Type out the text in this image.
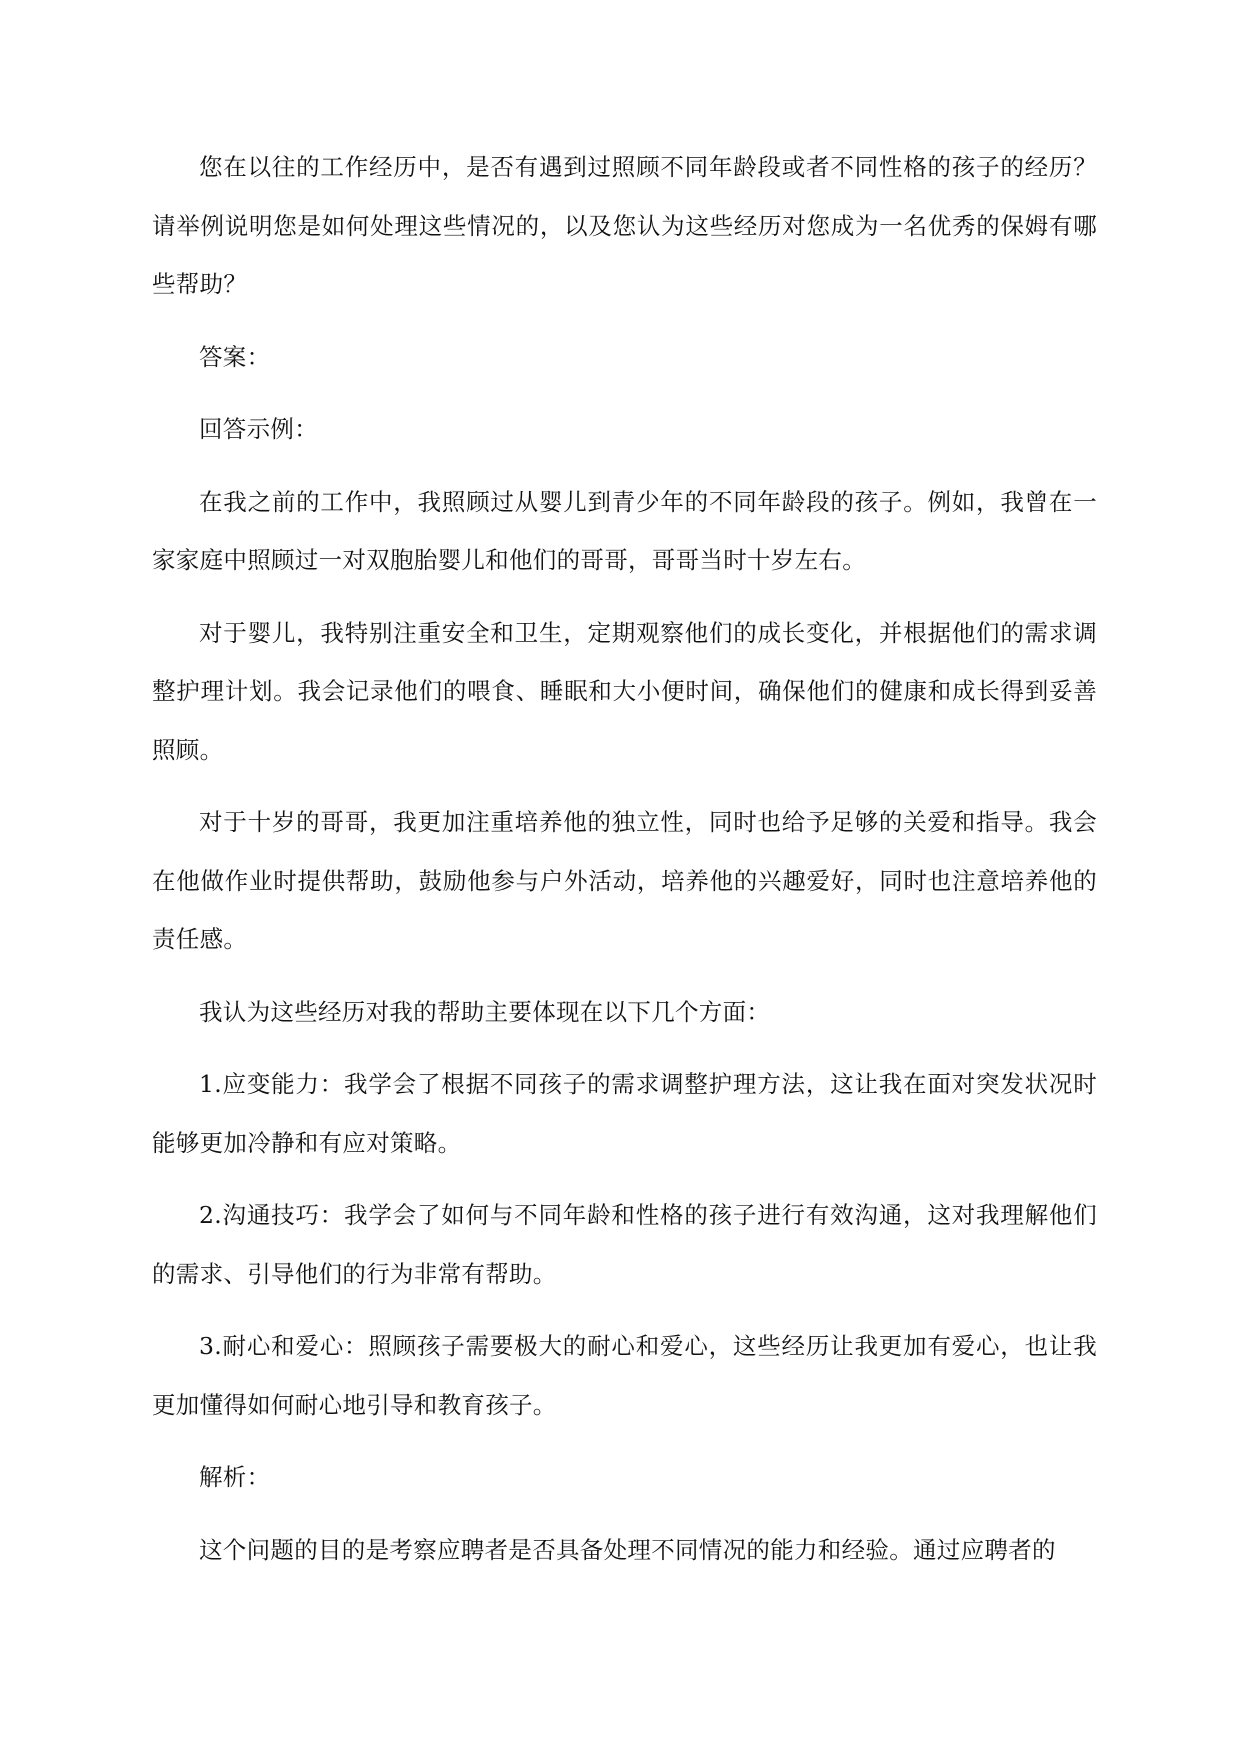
您在以往的工作经历中，是否有遇到过照顾不同年龄段或者不同性格的孩子的经历？请举例说明您是如何处理这些情况的，以及您认为这些经历对您成为一名优秀的保姆有哪些帮助？

答案：

回答示例：

在我之前的工作中，我照顾过从婴儿到青少年的不同年龄段的孩子。例如，我曾在一家家庭中照顾过一对双胞胎婴儿和他们的哥哥，哥哥当时十岁左右。

对于婴儿，我特别注重安全和卫生，定期观察他们的成长变化，并根据他们的需求调整护理计划。我会记录他们的喂食、睡眠和大小便时间，确保他们的健康和成长得到妥善照顾。

对于十岁的哥哥，我更加注重培养他的独立性，同时也给予足够的关爱和指导。我会在他做作业时提供帮助，鼓励他参与户外活动，培养他的兴趣爱好，同时也注意培养他的责任感。

我认为这些经历对我的帮助主要体现在以下几个方面：

1.应变能力：我学会了根据不同孩子的需求调整护理方法，这让我在面对突发状况时能够更加冷静和有应对策略。

2.沟通技巧：我学会了如何与不同年龄和性格的孩子进行有效沟通，这对我理解他们的需求、引导他们的行为非常有帮助。

3.耐心和爱心：照顾孩子需要极大的耐心和爱心，这些经历让我更加有爱心，也让我更加懂得如何耐心地引导和教育孩子。

解析：

这个问题的目的是考察应聘者是否具备处理不同情况的能力和经验。通过应聘者的
